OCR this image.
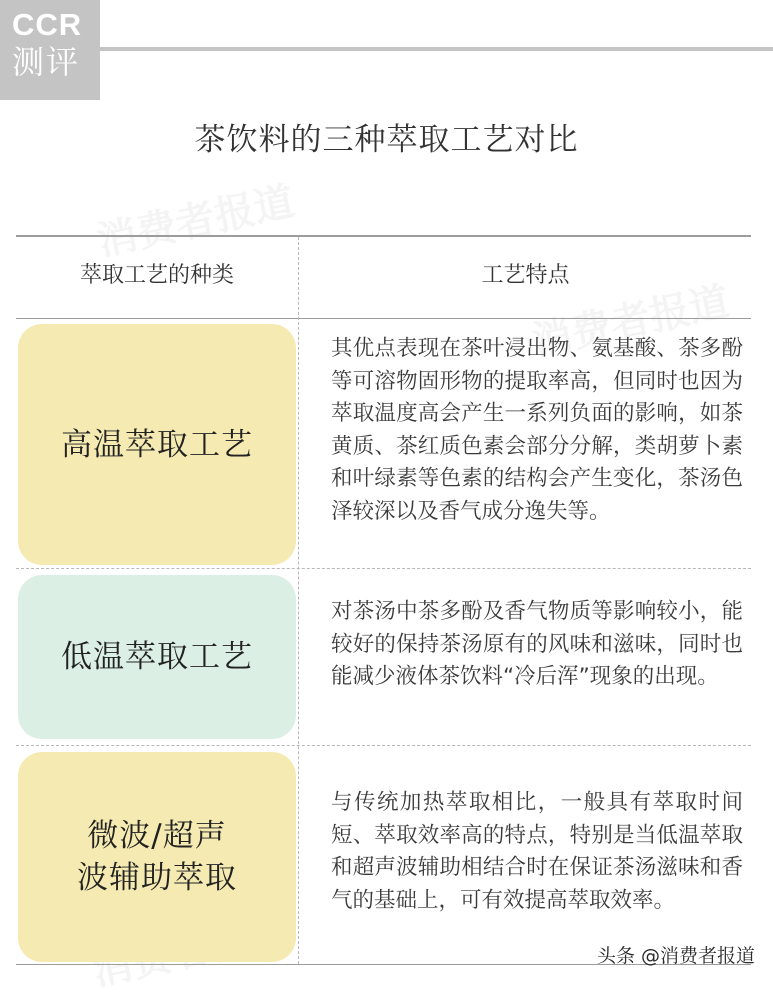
CCR
测评
茶饮料的三种萃取工艺对比
萃取工艺的种类	工艺特点
高温萃取工艺
其优点表现在茶叶浸出物、氨基酸、茶多酚等可溶物固形物的提取率高，但同时也因为萃取温度高会产生一系列负面的影响，如茶黄质、茶红质色素会部分分解，类胡萝卜素和叶绿素等色素的结构会产生变化，茶汤色泽较深以及香气成分逸失等。
低温萃取工艺
对茶汤中茶多酚及香气物质等影响较小，能较好的保持茶汤原有的风味和滋味，同时也能减少液体茶饮料“冷后浑”现象的出现。
微波/超声
波辅助萃取
与传统加热萃取相比，一般具有萃取时间短、萃取效率高的特点，特别是当低温萃取和超声波辅助相结合时在保证茶汤滋味和香气的基础上，可有效提高萃取效率。
头条 @消费者报道
